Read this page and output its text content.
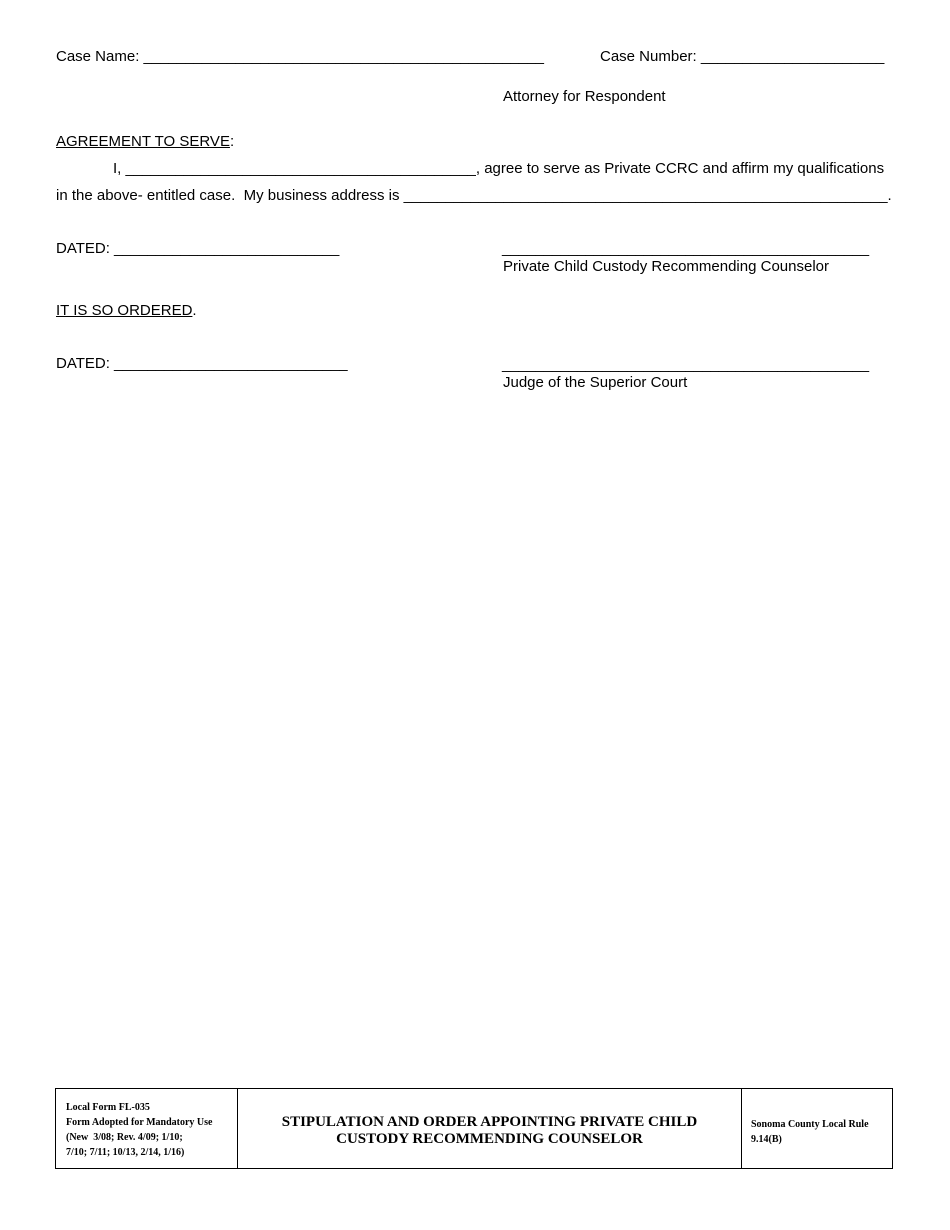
Case Name: ________________________________________________	Case Number: ______________________
Attorney for Respondent
AGREEMENT TO SERVE:
I, __________________________________________, agree to serve as Private CCRC and affirm my qualifications
in the above- entitled case.  My business address is __________________________________________________________.
DATED: ___________________________	____________________________________________
Private Child Custody Recommending Counselor
IT IS SO ORDERED.
DATED: ____________________________	____________________________________________
Judge of the Superior Court
Local Form FL-035
Form Adopted for Mandatory Use
(New  3/08; Rev. 4/09; 1/10;
7/10; 7/11; 10/13, 2/14, 1/16)
STIPULATION AND ORDER APPOINTING PRIVATE CHILD
CUSTODY RECOMMENDING COUNSELOR
Sonoma County Local Rule
9.14(B)
